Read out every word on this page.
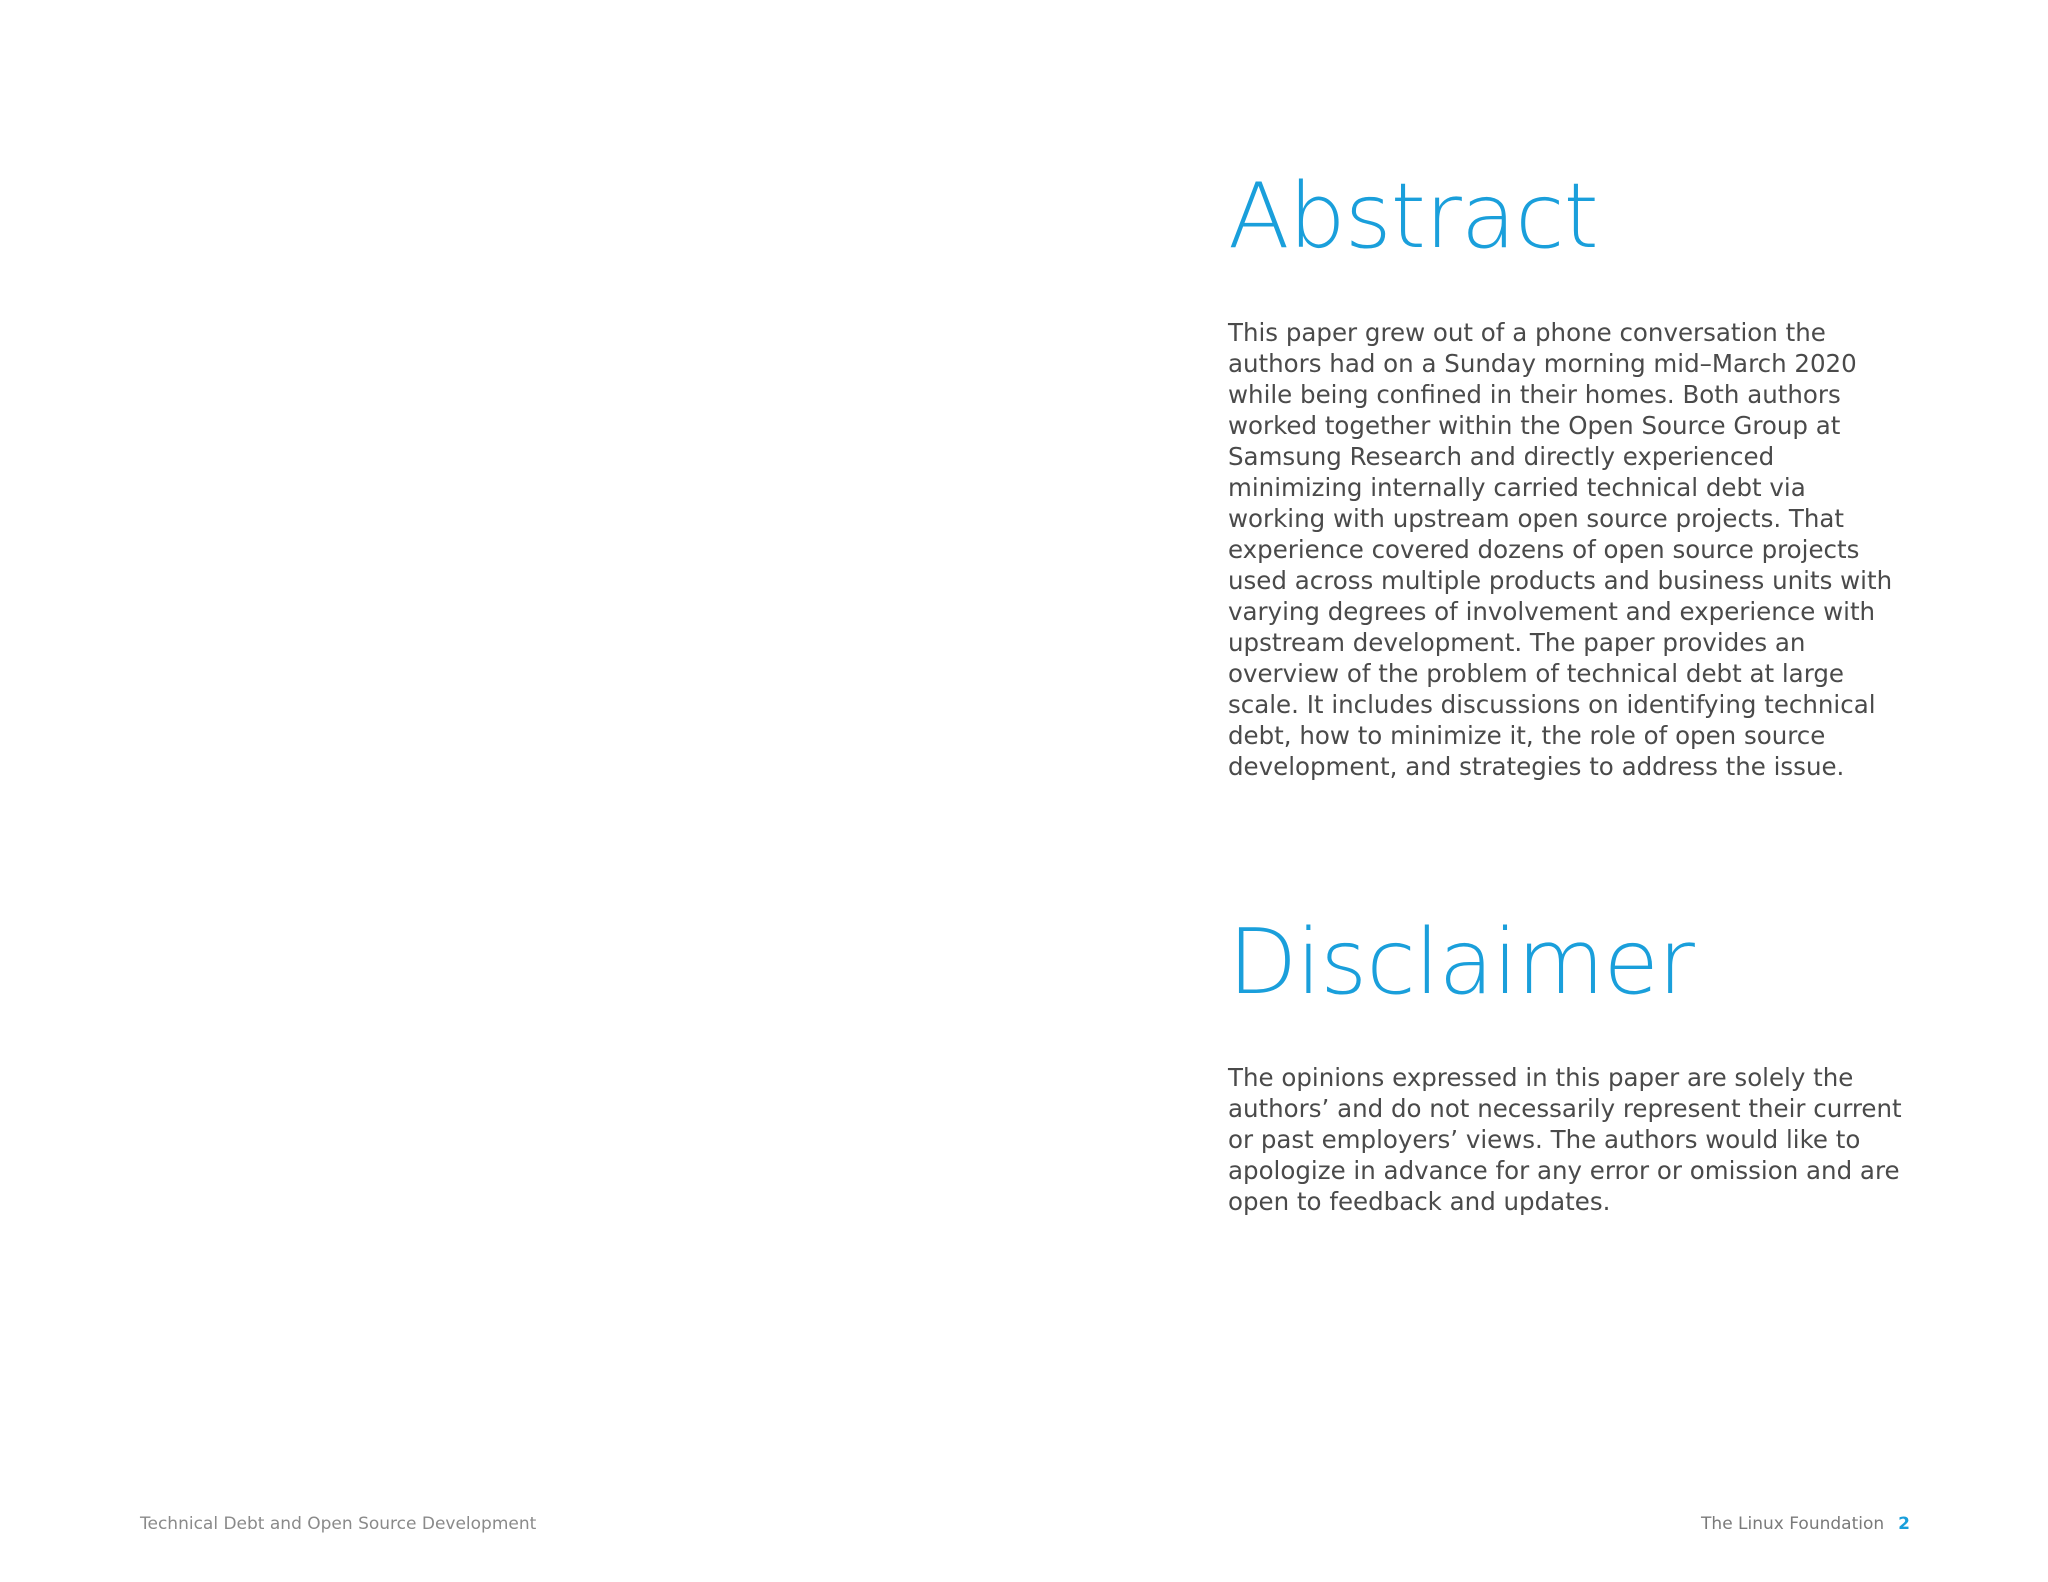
Abstract

This paper grew out of a phone conversation the authors had on a Sunday morning mid–March 2020 while being confined in their homes. Both authors worked together within the Open Source Group at Samsung Research and directly experienced minimizing internally carried technical debt via working with upstream open source projects. That experience covered dozens of open source projects used across multiple products and business units with varying degrees of involvement and experience with upstream development. The paper provides an overview of the problem of technical debt at large scale. It includes discussions on identifying technical debt, how to minimize it, the role of open source development, and strategies to address the issue.

Disclaimer

The opinions expressed in this paper are solely the authors’ and do not necessarily represent their current or past employers’ views. The authors would like to apologize in advance for any error or omission and are open to feedback and updates.

Technical Debt and Open Source Development	The Linux Foundation 2
